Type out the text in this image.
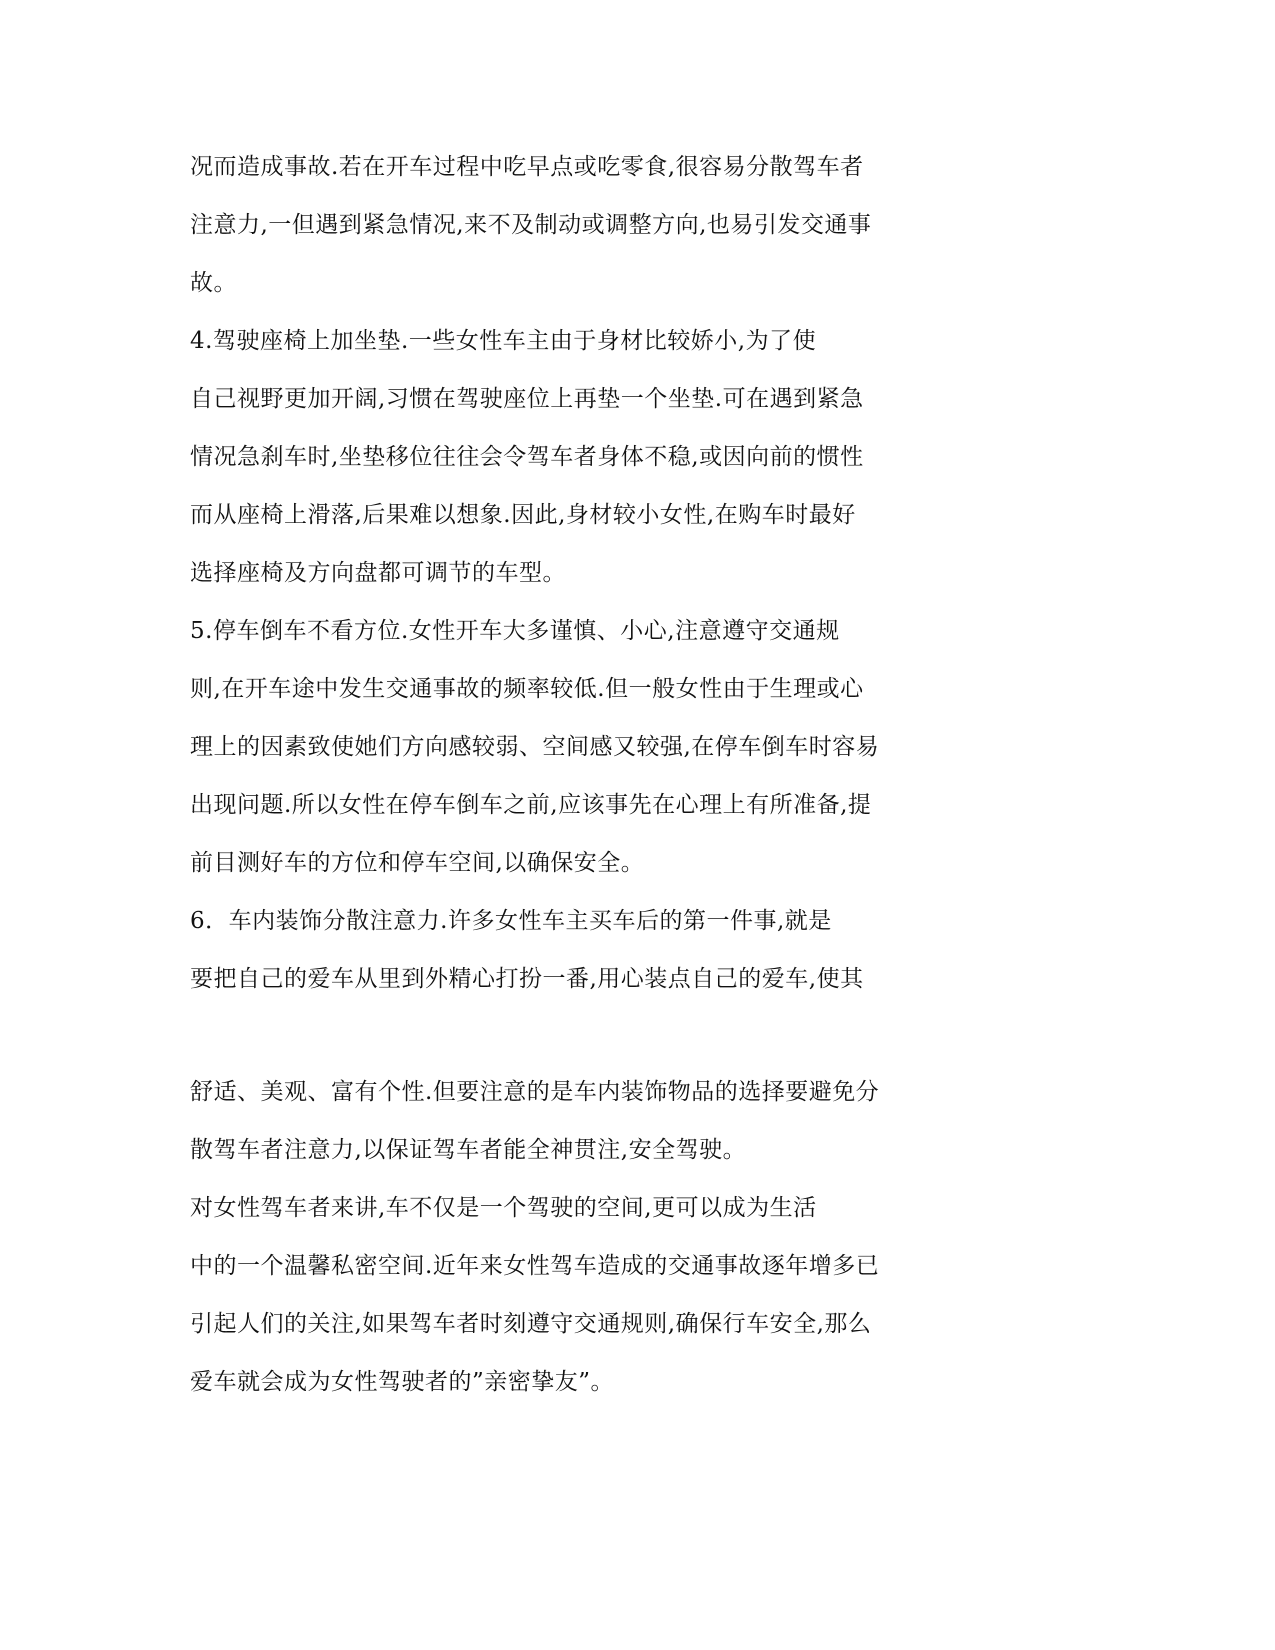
况而造成事故.若在开车过程中吃早点或吃零食,很容易分散驾车者
注意力,一但遇到紧急情况,来不及制动或调整方向,也易引发交通事
故。
4.驾驶座椅上加坐垫.一些女性车主由于身材比较娇小,为了使
自己视野更加开阔,习惯在驾驶座位上再垫一个坐垫.可在遇到紧急
情况急刹车时,坐垫移位往往会令驾车者身体不稳,或因向前的惯性
而从座椅上滑落,后果难以想象.因此,身材较小女性,在购车时最好
选择座椅及方向盘都可调节的车型。
5.停车倒车不看方位.女性开车大多谨慎、小心,注意遵守交通规
则,在开车途中发生交通事故的频率较低.但一般女性由于生理或心
理上的因素致使她们方向感较弱、空间感又较强,在停车倒车时容易
出现问题.所以女性在停车倒车之前,应该事先在心理上有所准备,提
前目测好车的方位和停车空间,以确保安全。
6．车内装饰分散注意力.许多女性车主买车后的第一件事,就是
要把自己的爱车从里到外精心打扮一番,用心装点自己的爱车,使其
舒适、美观、富有个性.但要注意的是车内装饰物品的选择要避免分
散驾车者注意力,以保证驾车者能全神贯注,安全驾驶。
对女性驾车者来讲,车不仅是一个驾驶的空间,更可以成为生活
中的一个温馨私密空间.近年来女性驾车造成的交通事故逐年增多已
引起人们的关注,如果驾车者时刻遵守交通规则,确保行车安全,那么
爱车就会成为女性驾驶者的”亲密挚友”。
